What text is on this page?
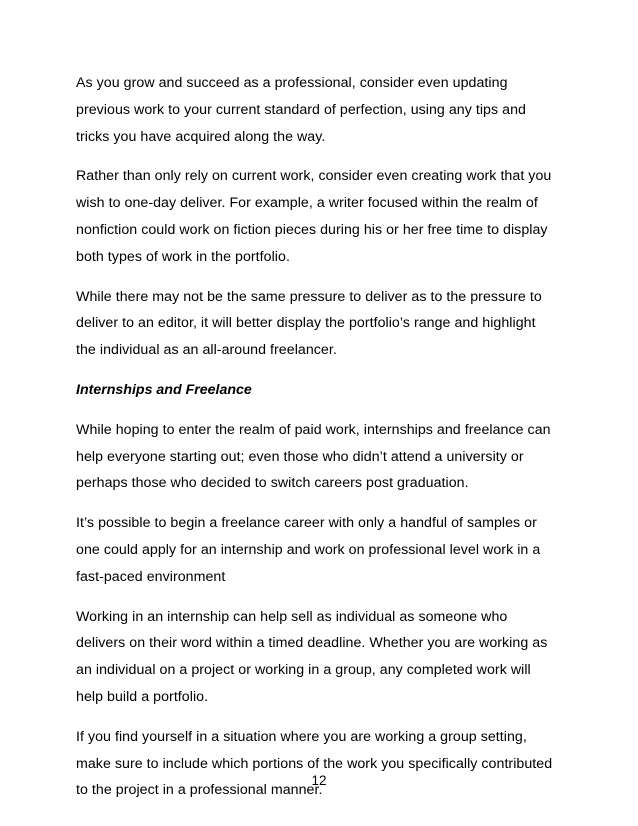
As you grow and succeed as a professional, consider even updating
previous work to your current standard of perfection, using any tips and
tricks you have acquired along the way.

Rather than only rely on current work, consider even creating work that you
wish to one-day deliver. For example, a writer focused within the realm of
nonfiction could work on fiction pieces during his or her free time to display
both types of work in the portfolio.

While there may not be the same pressure to deliver as to the pressure to
deliver to an editor, it will better display the portfolio’s range and highlight
the individual as an all-around freelancer.

Internships and Freelance

While hoping to enter the realm of paid work, internships and freelance can
help everyone starting out; even those who didn’t attend a university or
perhaps those who decided to switch careers post graduation.

It’s possible to begin a freelance career with only a handful of samples or
one could apply for an internship and work on professional level work in a
fast-paced environment

Working in an internship can help sell as individual as someone who
delivers on their word within a timed deadline. Whether you are working as
an individual on a project or working in a group, any completed work will
help build a portfolio.

If you find yourself in a situation where you are working a group setting,
make sure to include which portions of the work you specifically contributed
to the project in a professional manner.

12
